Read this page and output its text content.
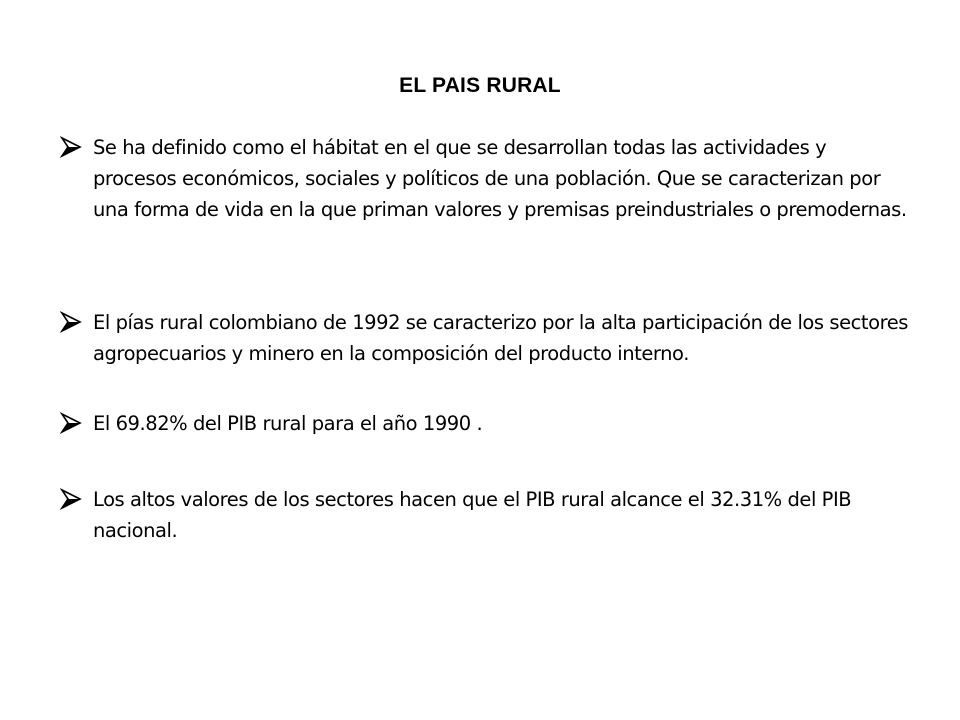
EL PAIS RURAL
Se ha definido como el hábitat en el que se desarrollan todas las actividades y procesos económicos, sociales y políticos de una población. Que se caracterizan por una forma de vida en la que priman valores y premisas preindustriales o premodernas.
El pías rural colombiano de 1992 se caracterizo por la alta participación de los sectores agropecuarios y minero en la composición del producto interno.
El 69.82% del PIB rural para el año 1990 .
Los altos valores de los sectores hacen que el PIB rural alcance el 32.31% del PIB nacional.
